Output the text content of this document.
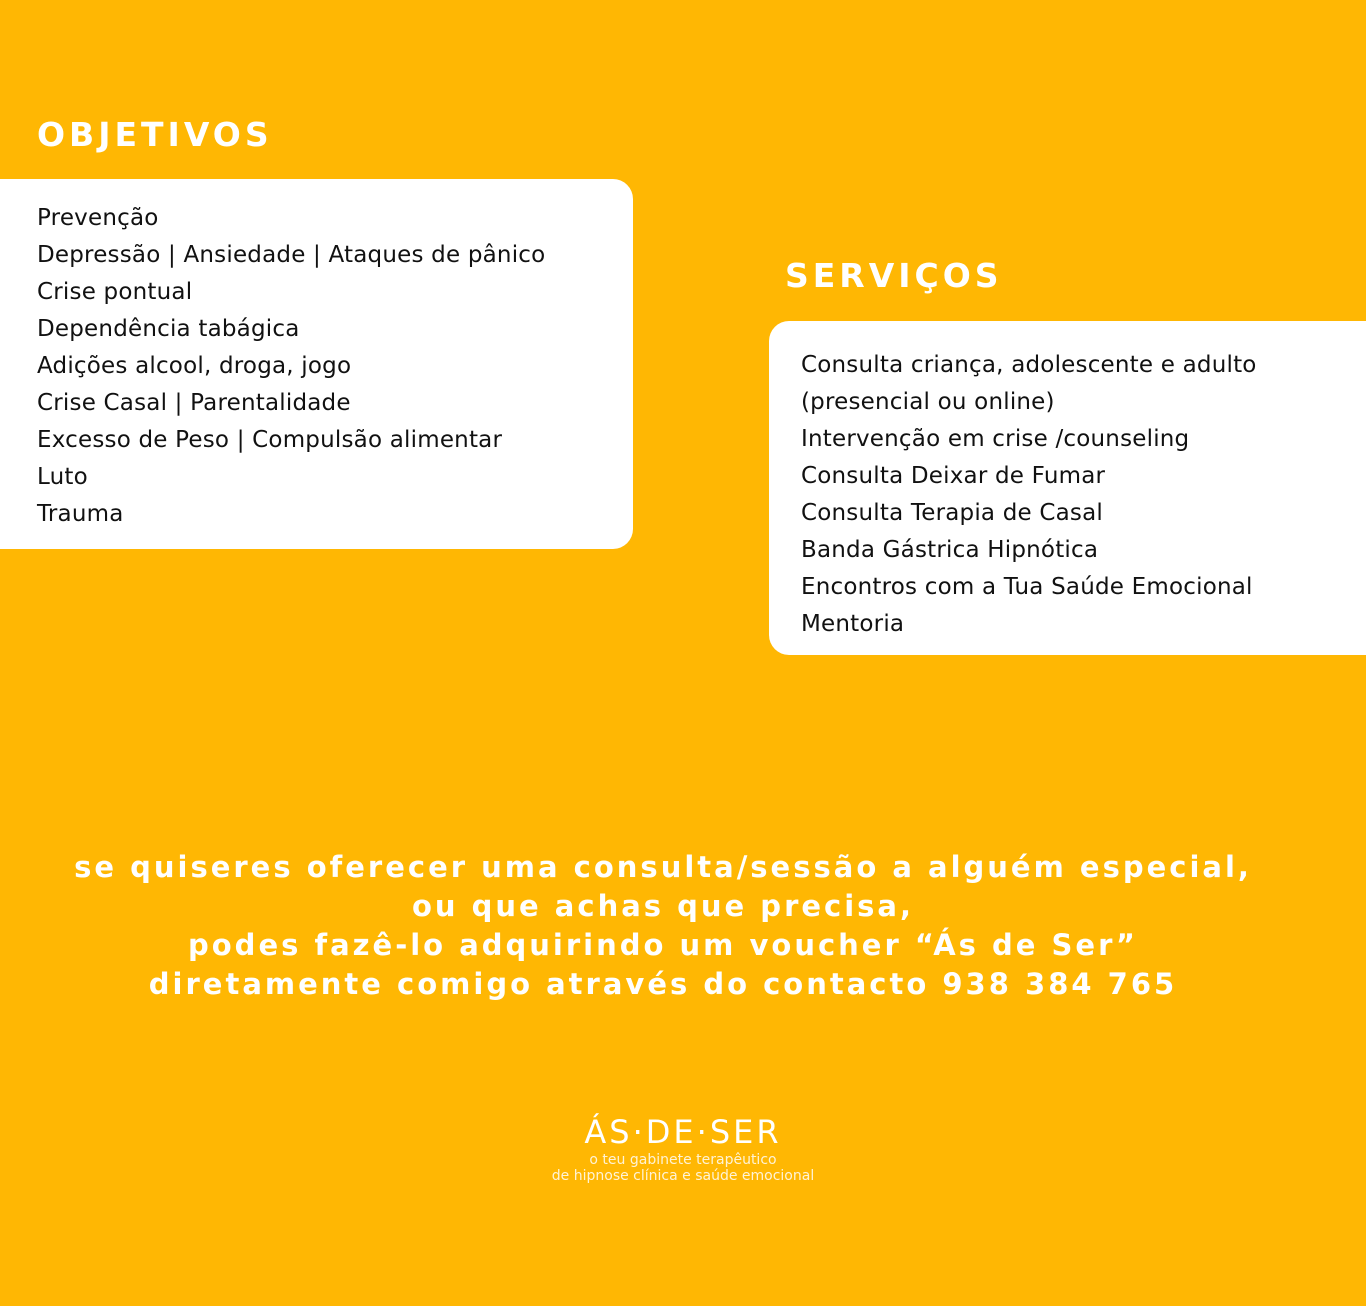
OBJETIVOS
Prevenção
Depressão | Ansiedade | Ataques de pânico
Crise pontual
Dependência tabágica
Adições alcool, droga, jogo
Crise Casal | Parentalidade
Excesso de Peso | Compulsão alimentar
Luto
Trauma
SERVIÇOS
Consulta criança, adolescente e adulto
(presencial ou online)
Intervenção em crise /counseling
Consulta Deixar de Fumar
Consulta Terapia de Casal
Banda Gástrica Hipnótica
Encontros com a Tua Saúde Emocional
Mentoria
se quiseres oferecer uma consulta/sessão a alguém especial,
ou que achas que precisa,
podes fazê-lo adquirindo um voucher “Ás de Ser”
diretamente comigo através do contacto 938 384 765
ÁS·DE·SER
o teu gabinete terapêutico
de hipnose clínica e saúde emocional
